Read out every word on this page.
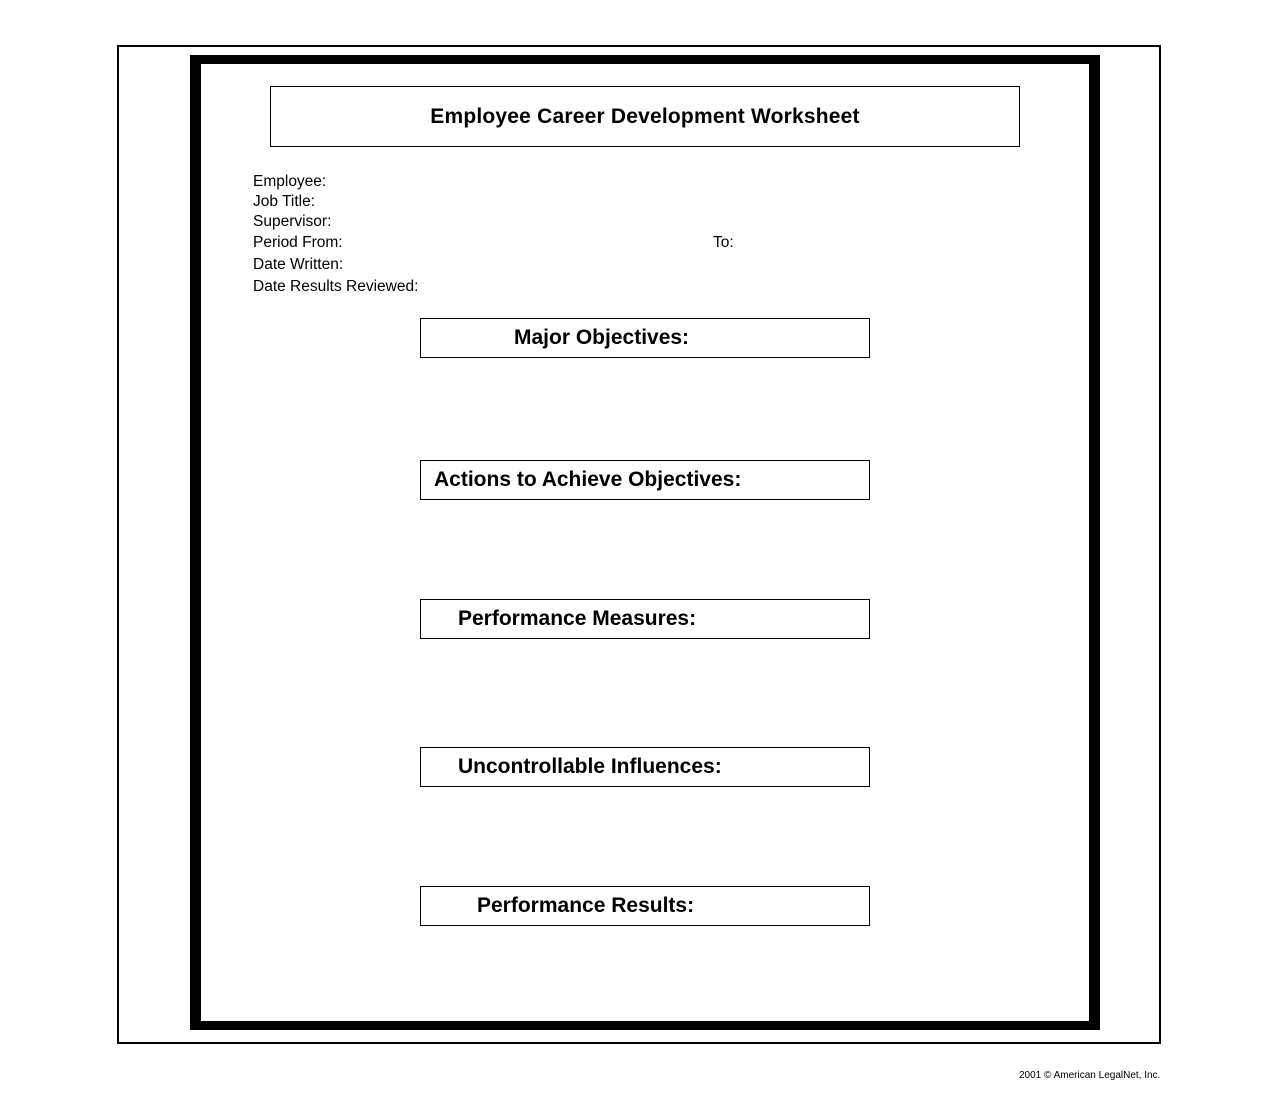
Employee Career Development Worksheet
Employee:
Job Title:
Supervisor:
Period From:	To:
Date Written:
Date Results Reviewed:
Major Objectives:
Actions to Achieve Objectives:
Performance Measures:
Uncontrollable Influences:
Performance Results:
2001 © American LegalNet, Inc.
